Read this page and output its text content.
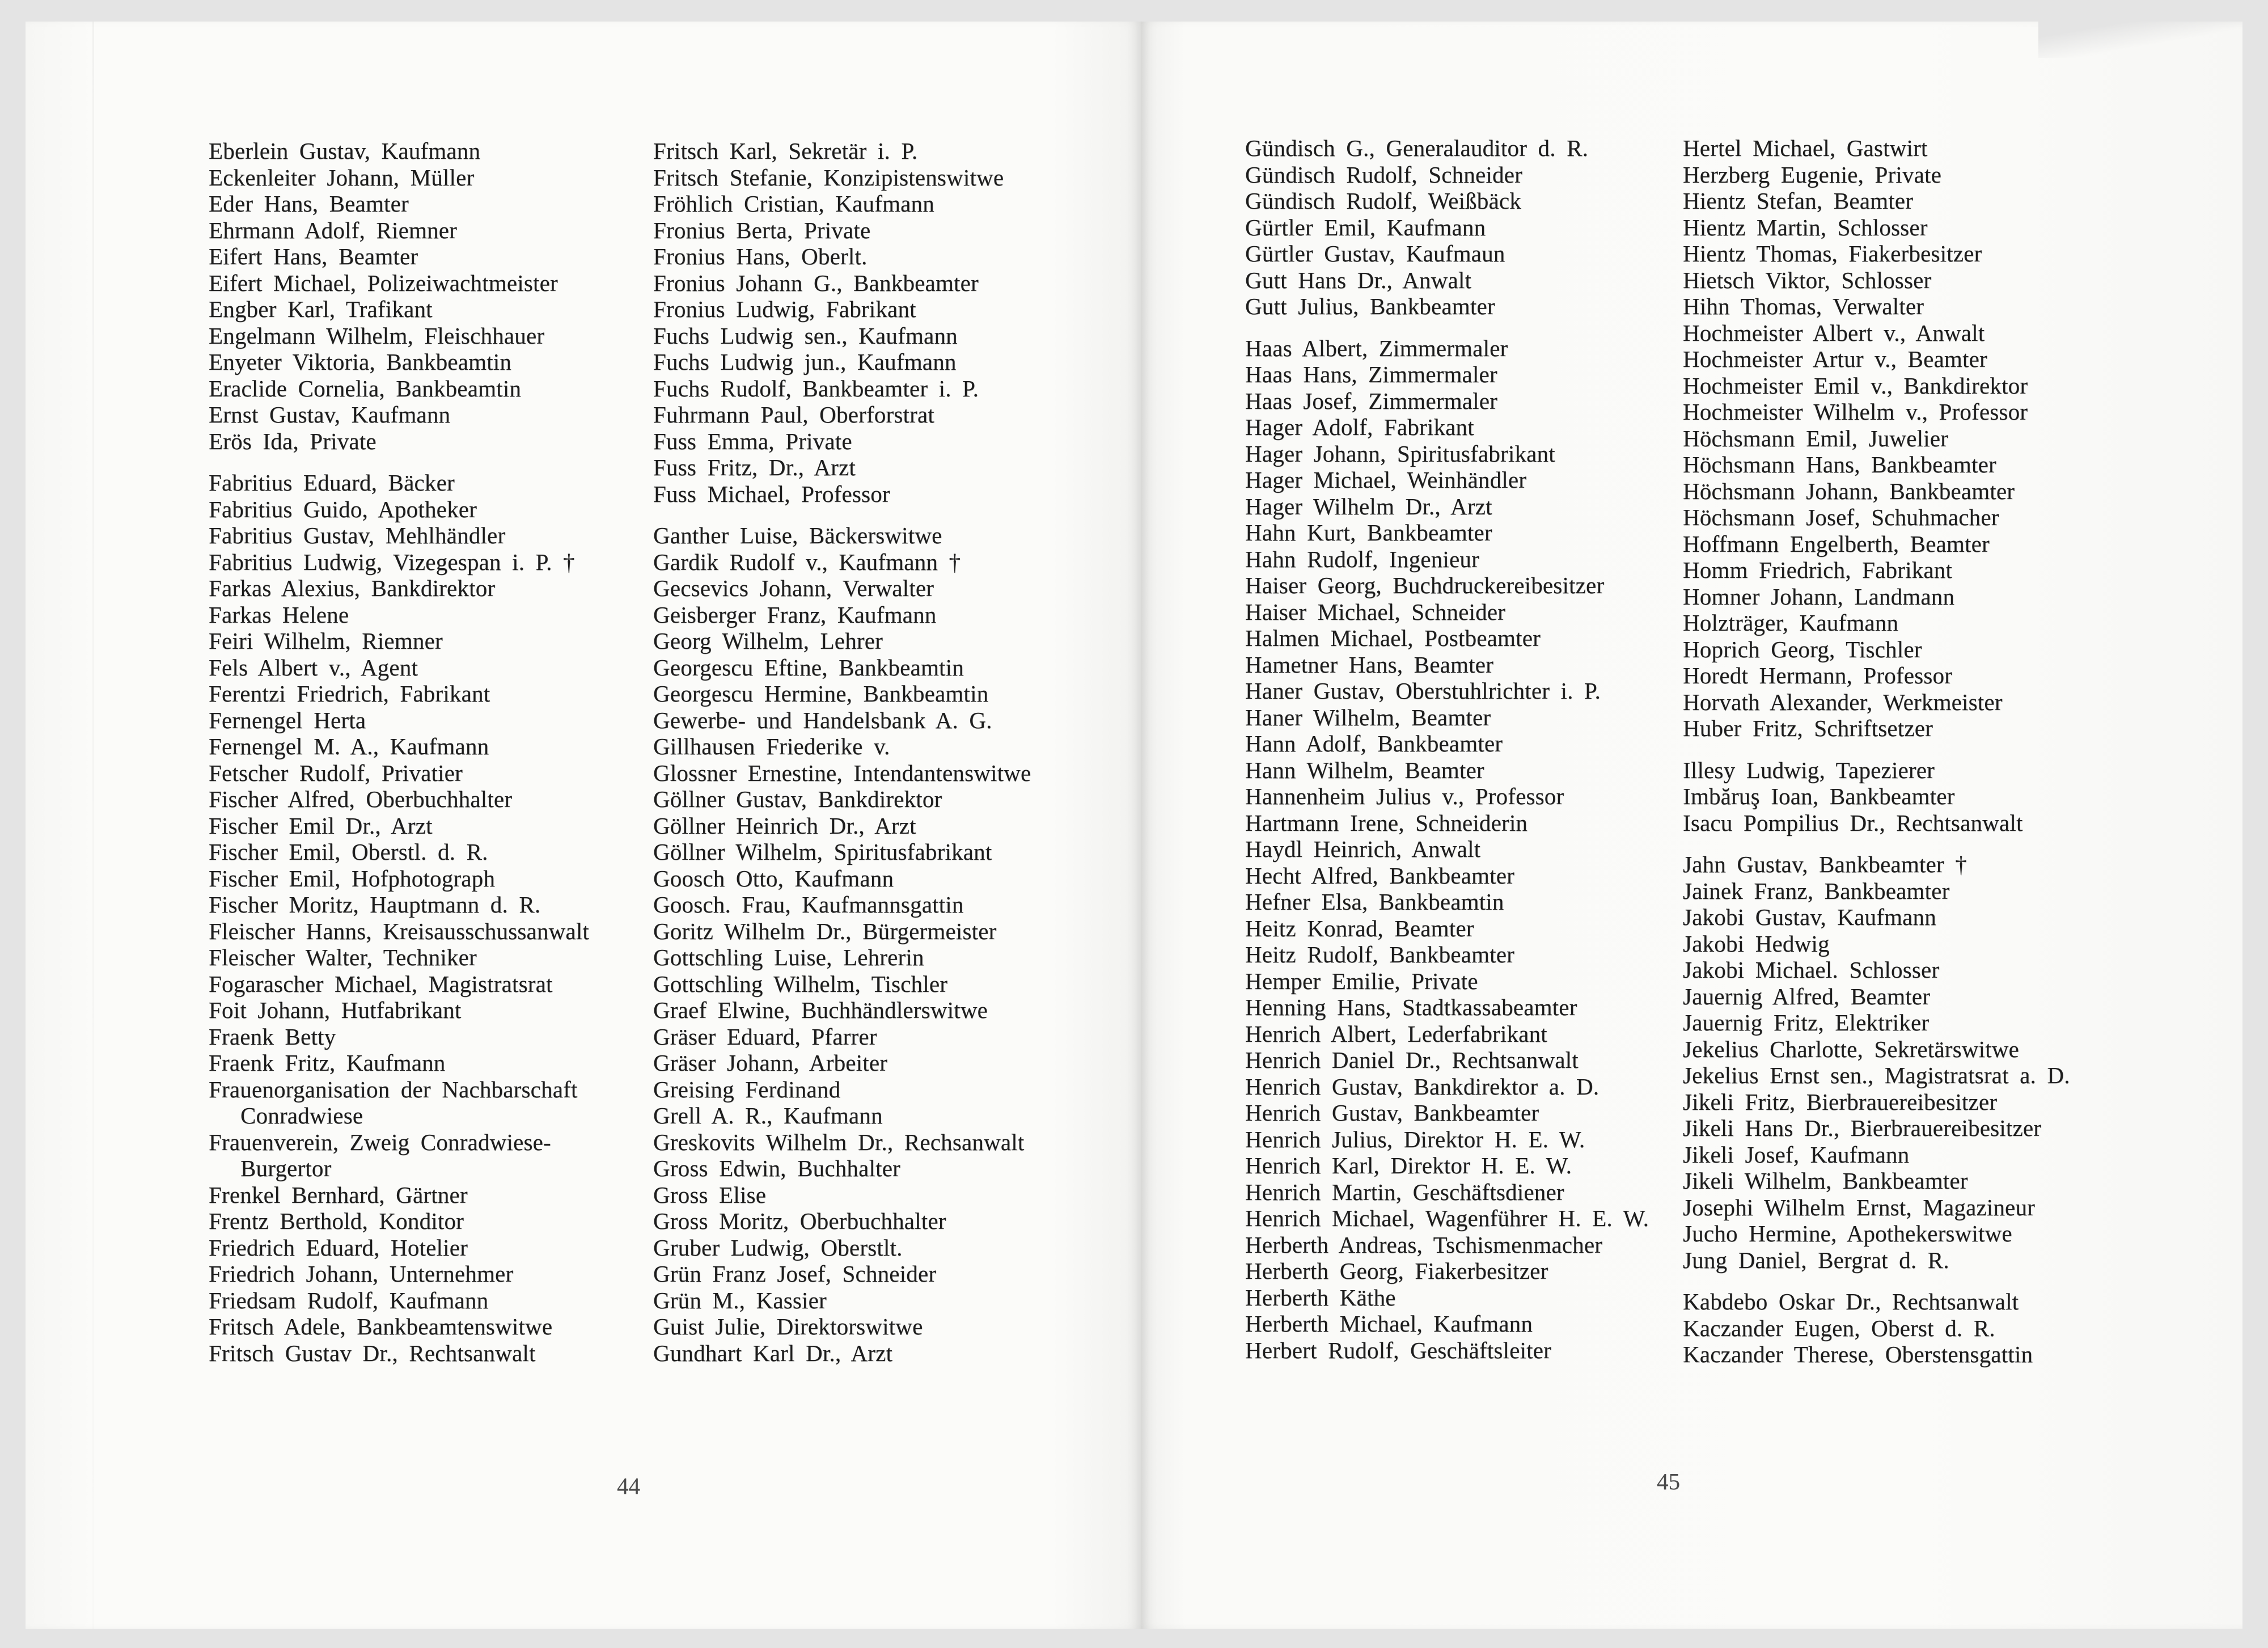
Eberlein Gustav, Kaufmann
Eckenleiter Johann, Müller
Eder Hans, Beamter
Ehrmann Adolf, Riemner
Eifert Hans, Beamter
Eifert Michael, Polizeiwachtmeister
Engber Karl, Trafikant
Engelmann Wilhelm, Fleischhauer
Enyeter Viktoria, Bankbeamtin
Eraclide Cornelia, Bankbeamtin
Ernst Gustav, Kaufmann
Erös Ida, Private
Fabritius Eduard, Bäcker
Fabritius Guido, Apotheker
Fabritius Gustav, Mehlhändler
Fabritius Ludwig, Vizegespan i. P. †
Farkas Alexius, Bankdirektor
Farkas Helene
Feiri Wilhelm, Riemner
Fels Albert v., Agent
Ferentzi Friedrich, Fabrikant
Fernengel Herta
Fernengel M. A., Kaufmann
Fetscher Rudolf, Privatier
Fischer Alfred, Oberbuchhalter
Fischer Emil Dr., Arzt
Fischer Emil, Oberstl. d. R.
Fischer Emil, Hofphotograph
Fischer Moritz, Hauptmann d. R.
Fleischer Hanns, Kreisausschussanwalt
Fleischer Walter, Techniker
Fogarascher Michael, Magistratsrat
Foit Johann, Hutfabrikant
Fraenk Betty
Fraenk Fritz, Kaufmann
Frauenorganisation der Nachbarschaft
Conradwiese
Frauenverein, Zweig Conradwiese-
Burgertor
Frenkel Bernhard, Gärtner
Frentz Berthold, Konditor
Friedrich Eduard, Hotelier
Friedrich Johann, Unternehmer
Friedsam Rudolf, Kaufmann
Fritsch Adele, Bankbeamtenswitwe
Fritsch Gustav Dr., Rechtsanwalt
Fritsch Karl, Sekretär i. P.
Fritsch Stefanie, Konzipistenswitwe
Fröhlich Cristian, Kaufmann
Fronius Berta, Private
Fronius Hans, Oberlt.
Fronius Johann G., Bankbeamter
Fronius Ludwig, Fabrikant
Fuchs Ludwig sen., Kaufmann
Fuchs Ludwig jun., Kaufmann
Fuchs Rudolf, Bankbeamter i. P.
Fuhrmann Paul, Oberforstrat
Fuss Emma, Private
Fuss Fritz, Dr., Arzt
Fuss Michael, Professor
Ganther Luise, Bäckerswitwe
Gardik Rudolf v., Kaufmann †
Gecsevics Johann, Verwalter
Geisberger Franz, Kaufmann
Georg Wilhelm, Lehrer
Georgescu Eftine, Bankbeamtin
Georgescu Hermine, Bankbeamtin
Gewerbe- und Handelsbank A. G.
Gillhausen Friederike v.
Glossner Ernestine, Intendantenswitwe
Göllner Gustav, Bankdirektor
Göllner Heinrich Dr., Arzt
Göllner Wilhelm, Spiritusfabrikant
Goosch Otto, Kaufmann
Goosch. Frau, Kaufmannsgattin
Goritz Wilhelm Dr., Bürgermeister
Gottschling Luise, Lehrerin
Gottschling Wilhelm, Tischler
Graef Elwine, Buchhändlerswitwe
Gräser Eduard, Pfarrer
Gräser Johann, Arbeiter
Greising Ferdinand
Grell A. R., Kaufmann
Greskovits Wilhelm Dr., Rechsanwalt
Gross Edwin, Buchhalter
Gross Elise
Gross Moritz, Oberbuchhalter
Gruber Ludwig, Oberstlt.
Grün Franz Josef, Schneider
Grün M., Kassier
Guist Julie, Direktorswitwe
Gundhart Karl Dr., Arzt
Gündisch G., Generalauditor d. R.
Gündisch Rudolf, Schneider
Gündisch Rudolf, Weißbäck
Gürtler Emil, Kaufmann
Gürtler Gustav, Kaufmaun
Gutt Hans Dr., Anwalt
Gutt Julius, Bankbeamter
Haas Albert, Zimmermaler
Haas Hans, Zimmermaler
Haas Josef, Zimmermaler
Hager Adolf, Fabrikant
Hager Johann, Spiritusfabrikant
Hager Michael, Weinhändler
Hager Wilhelm Dr., Arzt
Hahn Kurt, Bankbeamter
Hahn Rudolf, Ingenieur
Haiser Georg, Buchdruckereibesitzer
Haiser Michael, Schneider
Halmen Michael, Postbeamter
Hametner Hans, Beamter
Haner Gustav, Oberstuhlrichter i. P.
Haner Wilhelm, Beamter
Hann Adolf, Bankbeamter
Hann Wilhelm, Beamter
Hannenheim Julius v., Professor
Hartmann Irene, Schneiderin
Haydl Heinrich, Anwalt
Hecht Alfred, Bankbeamter
Hefner Elsa, Bankbeamtin
Heitz Konrad, Beamter
Heitz Rudolf, Bankbeamter
Hemper Emilie, Private
Henning Hans, Stadtkassabeamter
Henrich Albert, Lederfabrikant
Henrich Daniel Dr., Rechtsanwalt
Henrich Gustav, Bankdirektor a. D.
Henrich Gustav, Bankbeamter
Henrich Julius, Direktor H. E. W.
Henrich Karl, Direktor H. E. W.
Henrich Martin, Geschäftsdiener
Henrich Michael, Wagenführer H. E. W.
Herberth Andreas, Tschismenmacher
Herberth Georg, Fiakerbesitzer
Herberth Käthe
Herberth Michael, Kaufmann
Herbert Rudolf, Geschäftsleiter
Hertel Michael, Gastwirt
Herzberg Eugenie, Private
Hientz Stefan, Beamter
Hientz Martin, Schlosser
Hientz Thomas, Fiakerbesitzer
Hietsch Viktor, Schlosser
Hihn Thomas, Verwalter
Hochmeister Albert v., Anwalt
Hochmeister Artur v., Beamter
Hochmeister Emil v., Bankdirektor
Hochmeister Wilhelm v., Professor
Höchsmann Emil, Juwelier
Höchsmann Hans, Bankbeamter
Höchsmann Johann, Bankbeamter
Höchsmann Josef, Schuhmacher
Hoffmann Engelberth, Beamter
Homm Friedrich, Fabrikant
Homner Johann, Landmann
Holzträger, Kaufmann
Hoprich Georg, Tischler
Horedt Hermann, Professor
Horvath Alexander, Werkmeister
Huber Fritz, Schriftsetzer
Illesy Ludwig, Tapezierer
Imbăruş Ioan, Bankbeamter
Isacu Pompilius Dr., Rechtsanwalt
Jahn Gustav, Bankbeamter †
Jainek Franz, Bankbeamter
Jakobi Gustav, Kaufmann
Jakobi Hedwig
Jakobi Michael. Schlosser
Jauernig Alfred, Beamter
Jauernig Fritz, Elektriker
Jekelius Charlotte, Sekretärswitwe
Jekelius Ernst sen., Magistratsrat a. D.
Jikeli Fritz, Bierbrauereibesitzer
Jikeli Hans Dr., Bierbrauereibesitzer
Jikeli Josef, Kaufmann
Jikeli Wilhelm, Bankbeamter
Josephi Wilhelm Ernst, Magazineur
Jucho Hermine, Apothekerswitwe
Jung Daniel, Bergrat d. R.
Kabdebo Oskar Dr., Rechtsanwalt
Kaczander Eugen, Oberst d. R.
Kaczander Therese, Oberstensgattin
44	45
